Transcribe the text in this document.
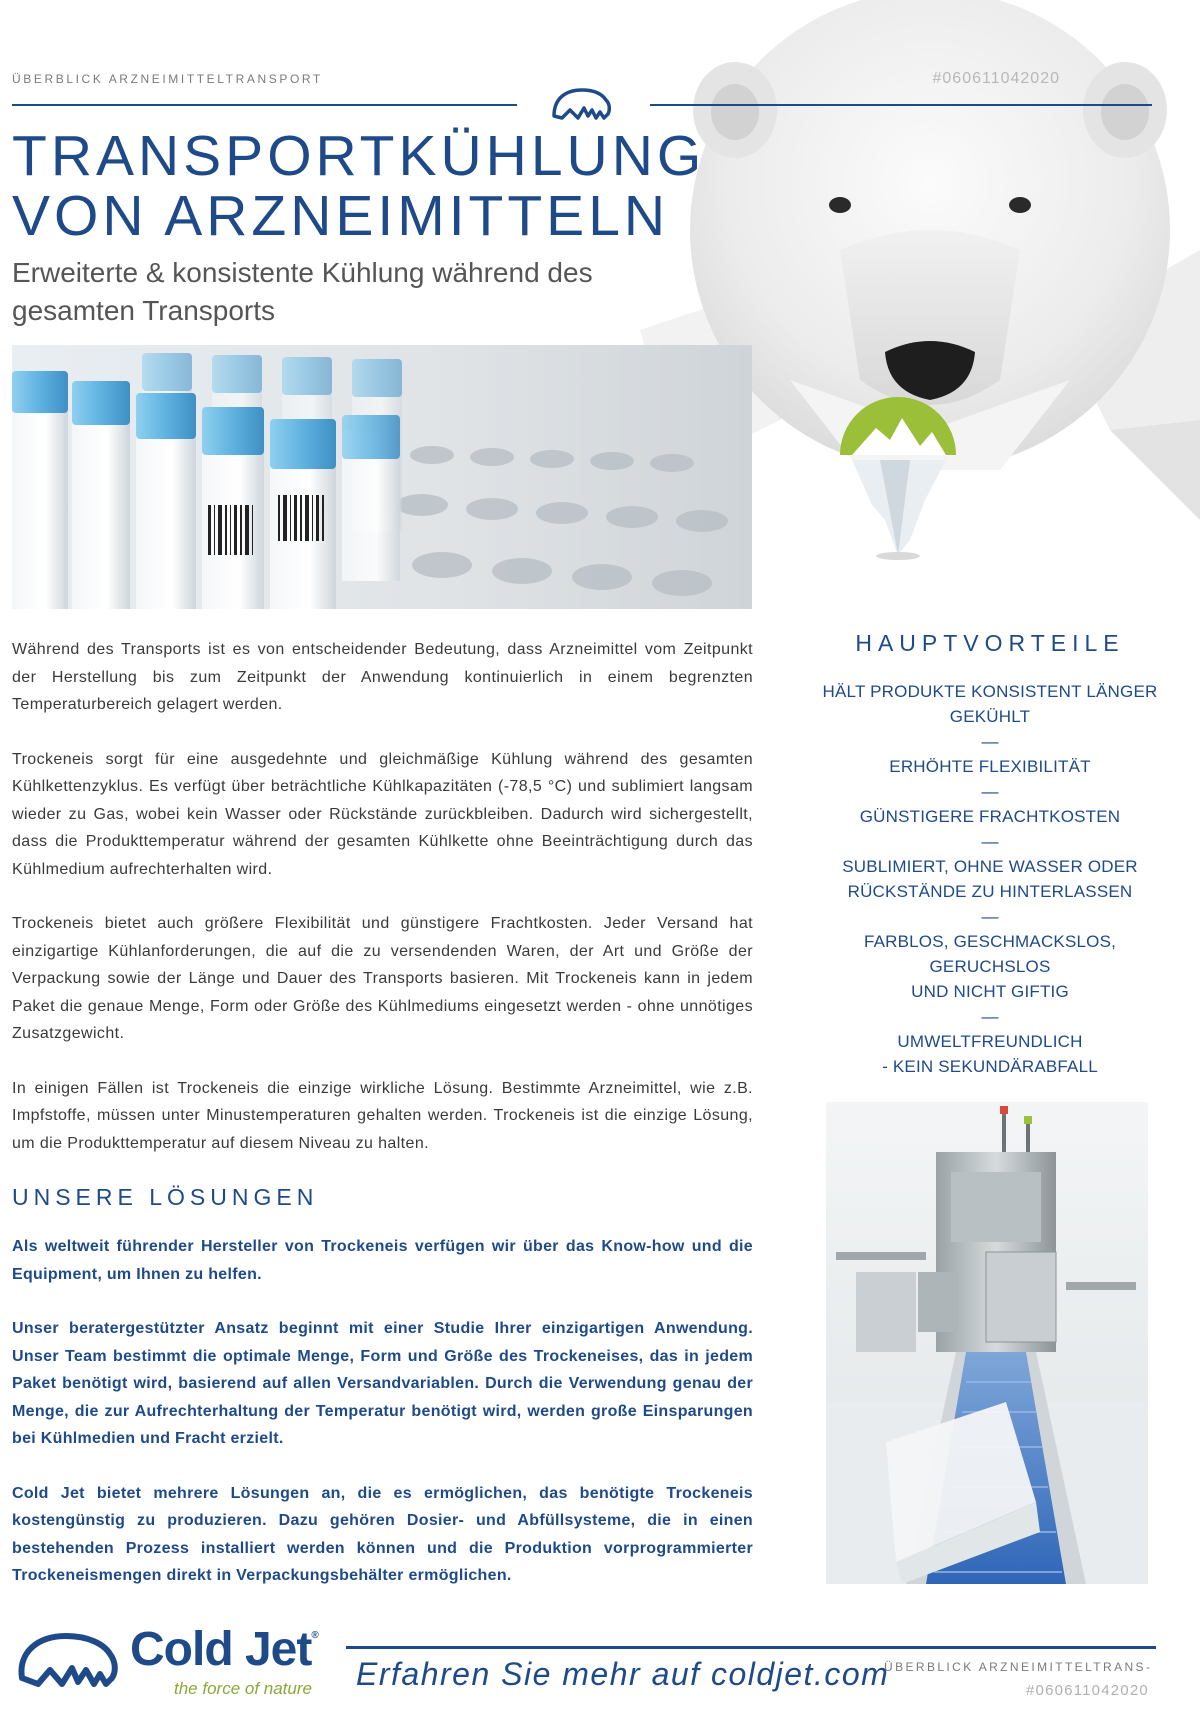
ÜBERBLICK ARZNEIMITTELTRANSPORT	#060611042020
TRANSPORTKÜHLUNG
VON ARZNEIMITTELN
Erweiterte & konsistente Kühlung während des gesamten Transports

Während des Transports ist es von entscheidender Bedeutung, dass Arzneimittel vom Zeitpunkt der Herstellung bis zum Zeitpunkt der Anwendung kontinuierlich in einem begrenzten Temperaturbereich gelagert werden.

Trockeneis sorgt für eine ausgedehnte und gleichmäßige Kühlung während des gesamten Kühlkettenzyklus. Es verfügt über beträchtliche Kühlkapazitäten (-78,5 °C) und sublimiert langsam wieder zu Gas, wobei kein Wasser oder Rückstände zurückbleiben. Dadurch wird sichergestellt, dass die Produkttemperatur während der gesamten Kühlkette ohne Beeinträchtigung durch das Kühlmedium aufrechterhalten wird.

Trockeneis bietet auch größere Flexibilität und günstigere Frachtkosten. Jeder Versand hat einzigartige Kühlanforderungen, die auf die zu versendenden Waren, der Art und Größe der Verpackung sowie der Länge und Dauer des Transports basieren. Mit Trockeneis kann in jedem Paket die genaue Menge, Form oder Größe des Kühlmediums eingesetzt werden - ohne unnötiges Zusatzgewicht.

In einigen Fällen ist Trockeneis die einzige wirkliche Lösung. Bestimmte Arzneimittel, wie z.B. Impfstoffe, müssen unter Minustemperaturen gehalten werden. Trockeneis ist die einzige Lösung, um die Produkttemperatur auf diesem Niveau zu halten.

UNSERE LÖSUNGEN

Als weltweit führender Hersteller von Trockeneis verfügen wir über das Know-how und die Equipment, um Ihnen zu helfen.

Unser beratergestützter Ansatz beginnt mit einer Studie Ihrer einzigartigen Anwendung. Unser Team bestimmt die optimale Menge, Form und Größe des Trockeneises, das in jedem Paket benötigt wird, basierend auf allen Versandvariablen. Durch die Verwendung genau der Menge, die zur Aufrechterhaltung der Temperatur benötigt wird, werden große Einsparungen bei Kühlmedien und Fracht erzielt.

Cold Jet bietet mehrere Lösungen an, die es ermöglichen, das benötigte Trockeneis kostengünstig zu produzieren. Dazu gehören Dosier- und Abfüllsysteme, die in einen bestehenden Prozess installiert werden können und die Produktion vorprogrammierter Trockeneismengen direkt in Verpackungsbehälter ermöglichen.

HAUPTVORTEILE
HÄLT PRODUKTE KONSISTENT LÄNGER
GEKÜHLT
—
ERHÖHTE FLEXIBILITÄT
—
GÜNSTIGERE FRACHTKOSTEN
—
SUBLIMIERT, OHNE WASSER ODER
RÜCKSTÄNDE ZU HINTERLASSEN
—
FARBLOS, GESCHMACKSLOS, GERUCHSLOS
UND NICHT GIFTIG
—
UMWELTFREUNDLICH
- KEIN SEKUNDÄRABFALL
Cold Jet®
the force of nature Erfahren Sie mehr auf coldjet.com
ÜBERBLICK ARZNEIMITTELTRANS-
#060611042020
